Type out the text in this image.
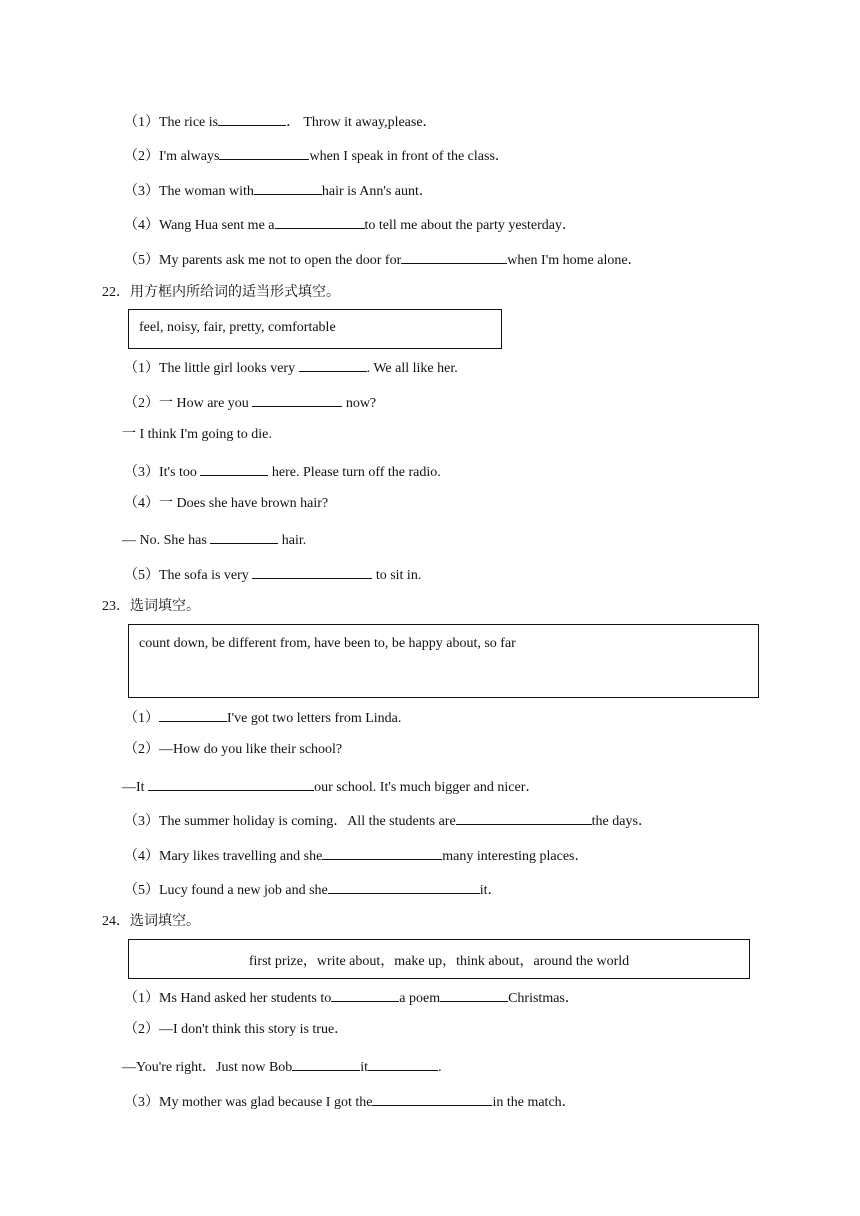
（1）The rice is	． Throw it away,please．
（2）I'm always	when I speak in front of the class．
（3）The woman with	hair is Ann's aunt．
（4）Wang Hua sent me a	to tell me about the party yesterday．
（5）My parents ask me not to open the door for	when I'm home alone．
22．用方框内所给词的适当形式填空。
feel, noisy, fair, pretty, comfortable
（1）The little girl looks very	. We all like her.
（2）一 How are you	now?
一 I think I'm going to die.
（3）It's too	here. Please turn off the radio.
（4）一 Does she have brown hair?
— No. She has	hair.
（5）The sofa is very	to sit in.
23．选词填空。
count down, be different from, have been to, be happy about, so far
（1）	I've got two letters from Linda.
（2）—How do you like their school?
—It	our school. It's much bigger and nicer．
（3）The summer holiday is coming．All the students are	the days．
（4）Mary likes travelling and she	many interesting places．
（5）Lucy found a new job and she	it．
24．选词填空。
first prize，write about，make up，think about，around the world
（1）Ms Hand asked her students to	a poem	Christmas．
（2）—I don't think this story is true．
—You're right．Just now Bob	it	.
（3）My mother was glad because I got the	in the match．
